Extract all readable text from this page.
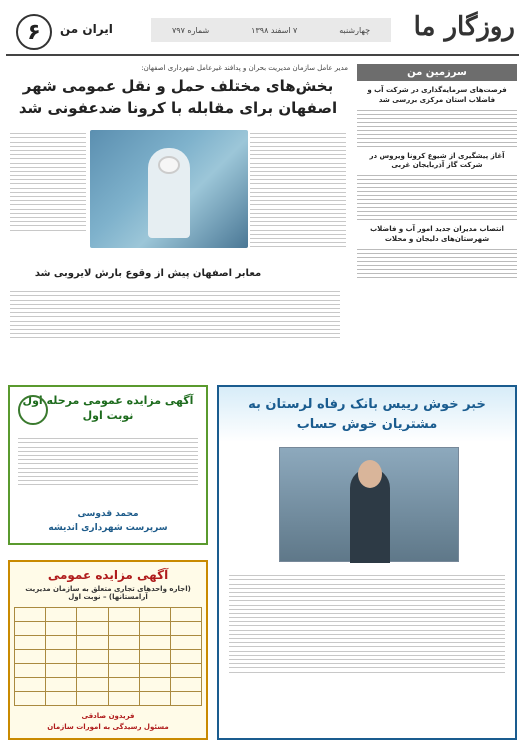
۶	ایران من	چهارشنبه
۷ اسفند ۱۳۹۸
شماره ۷۹۷	روزگار ما
سرزمین من
فرصت‌های سرمایه‌گذاری در شرکت آب و فاضلاب استان مرکزی بررسی شد
آغاز پیشگیری از شیوع کرونا ویروس در شرکت گاز آذربایجان غربی
انتصاب مدیران جدید امور آب و فاضلاب شهرستان‌های دلیجان و محلات
مدیر عامل سازمان مدیریت بحران و پدافند غیرعامل شهرداری اصفهان:
بخش‌های مختلف حمل و نقل عمومی شهر اصفهان برای مقابله با کرونا ضدعفونی شد
معابر اصفهان پیش از وقوع بارش لایروبی شد
آگهی مزایده عمومی مرحله اول نوبت اول
محمد قدوسی
سرپرست شهرداری اندیشه
آگهی مزایده عمومی
(اجاره واحدهای تجاری متعلق به سازمان مدیریت آرامستانها) – نوبت اول

فریدون صادقی
مسئول رسیدگی به امورات سازمان
خبر خوش رییس بانک رفاه لرستان به مشتریان خوش حساب
